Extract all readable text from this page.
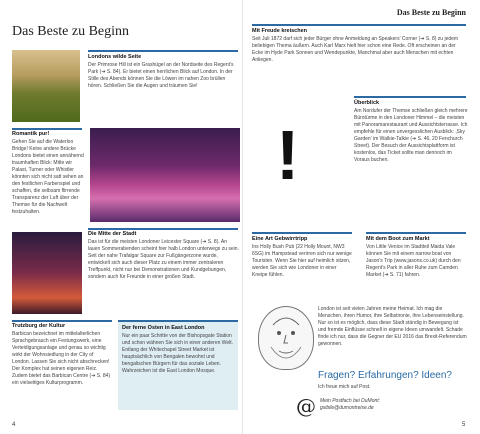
Das Beste zu Beginn
Das Beste zu Beginn
Londons wilde Seite
Der Primrose Hill ist ein Grashügel an der Nordseite des Regent's Park (➔ S. 84). Er bietet einen herrlichen Blick auf London. In der Stille des Abends können Sie die Löwen im nahen Zoo brüllen hören. Schließen Sie die Augen und träumen Sie!
Romantik pur!
Gehen Sie auf die Waterloo Bridge! Keine andere Brücke Londons bietet einen annähernd traumhaften Blick: Mitte wir Palast, Turner oder Whistler könnten sich nicht satt sehen an den festlichen Farbenspiel und schaffen, die selbsam flirrende Transparenz der Luft über der Themse für die Nachwelt festzuhalten.
Die Mitte der Stadt
Das ist für die meisten Londoner Leicester Square (➔ S. 8). An lauen Sommerabenden scheint hier halb London unterwegs zu sein. Seit der nahe Trafalgar Square zur Fußgängerzone wurde, entwickelt sich auch dieser Platz zu einem immer zentraleren Treffpunkt, nicht nur bei Demonstrationen und Kundgebungen, sondern auch für Freunde in einer großen Stadt.
Trutzburg der Kultur
Barbican bezeichnet im mittelalterlichen Sprachgebrauch ein Festungswerk, eine Verteidigungsanlage und genau so wichtig wirkt der Wohnsiedlung in der City of London. Lassen Sie sich nicht abschrecken! Der Komplex hat seinen eigenen Reiz. Zudem bietet das Barbican Centre (➔ S. 84) ein vielseitiges Kulturprogramm.
Der ferne Osten in East London
Nur ein paar Schritte von der Bishopsgate Station und schon wähnen Sie sich in einer anderen Welt. Entlang der Whitechapel Street Market ist hauptsächlich von Bengalen bewohnt und bengalischen Bürgern für das soziale Leben. Wahrzeichen ist die East London Mosque.
4
Mit Freude kreischen
Seit Juli 1872 darf sich jeder Bürger ohne Anmeldung an Speakers' Corner (➔ S. 8) zu jedem beliebigen Thema äußern. Auch Karl Marx hielt hier schon eine Rede. Oft erscheinen an der Ecke im Hyde Park Sonnen und Wendepunkte, Manchmal aber auch Menschen mit echten Anliegen.
!
Überblick
Am Nordufer der Themse schließen gleich mehrere Bürotürme in den Londoner Himmel – die meisten mit Panoramarestaurant und Aussichtsterrasse. Ich empfehle für einen unvergesslichen Ausblick: ‚Sky Garden' im Walkie-Talkie (➔ S. 46, 20 Fenchurch Street). Der Besuch der Aussichtsplattform ist kostenlos, das Ticket sollte man dennoch im Voraus buchen.
Eine Art Gebwirrtripp
Ins Holly Bush Pub (22 Holly Mount, NW3 6SG) im Hampstead verirren sich nur wenige Touristen. Wenn Sie hier auf heimlich sitzen, werden Sie sich wie Londoner in einer Kneipe fühlen.
Mit dem Boot zum Markt
Von Little Venice im Stadtteil Maida Vale können Sie mit einem narrow boat von Jason's Trip (www.jasons.co.uk) durch den Regent's Park in aller Ruhe zum Camden Market (➔ S. 71) fahren.
London ist seit vielen Jahren meine Heimat. Ich mag die Menschen, ihren Humor, ihre Selbstironie, ihre Lebenseinstellung. Nur so ist es möglich, dass diese Stadt ständig in Bewegung ist und fremde Einflüsse schnell in eigene Ideen umwandelt. Schade finde ich nur, dass die Gegner der EU 2016 das Brexit-Referendum gewonnen.
Fragen? Erfahrungen? Ideen?
Ich freue mich auf Post.
@ Mein Postfach bei DuMont:
gsibile@dumontreise.de
5
